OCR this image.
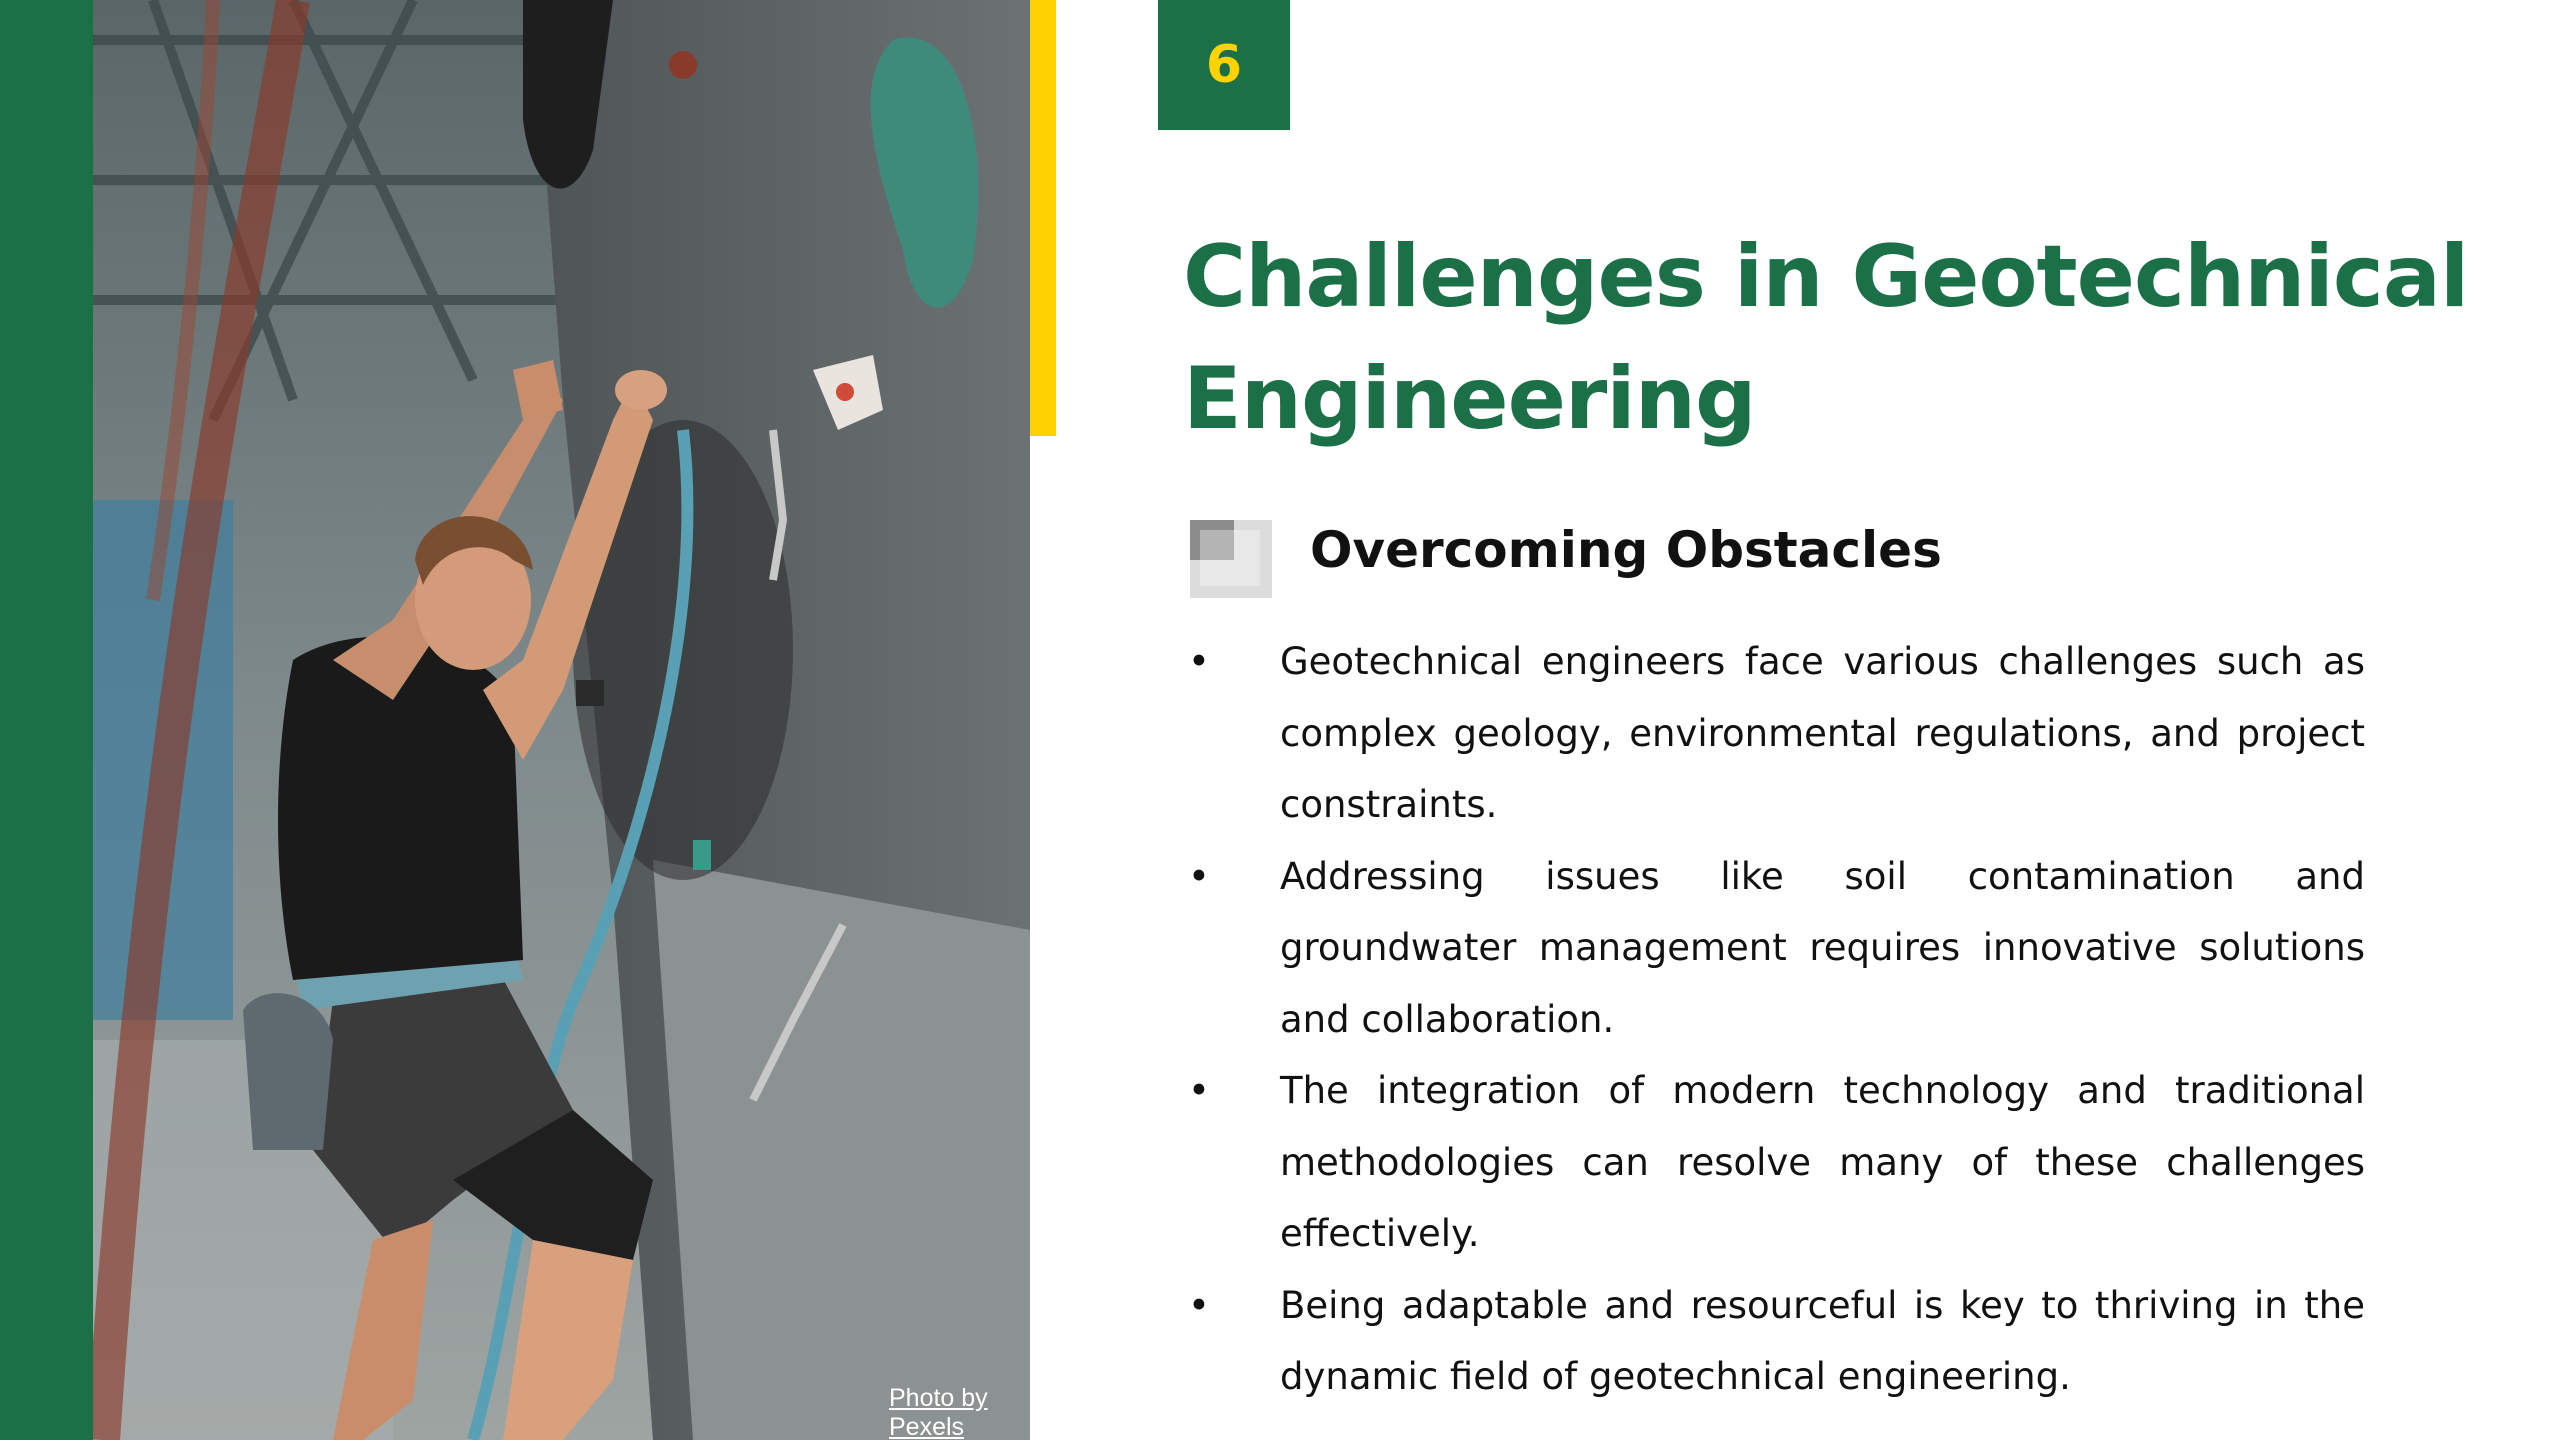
Photo by Pexels
6
Challenges in Geotechnical Engineering
Overcoming Obstacles
• Geotechnical engineers face various challenges such as complex geology, environmental regulations, and project constraints.
• Addressing issues like soil contamination and groundwater management requires innovative solutions and collaboration.
• The integration of modern technology and traditional methodologies can resolve many of these challenges effectively.
• Being adaptable and resourceful is key to thriving in the dynamic field of geotechnical engineering.
